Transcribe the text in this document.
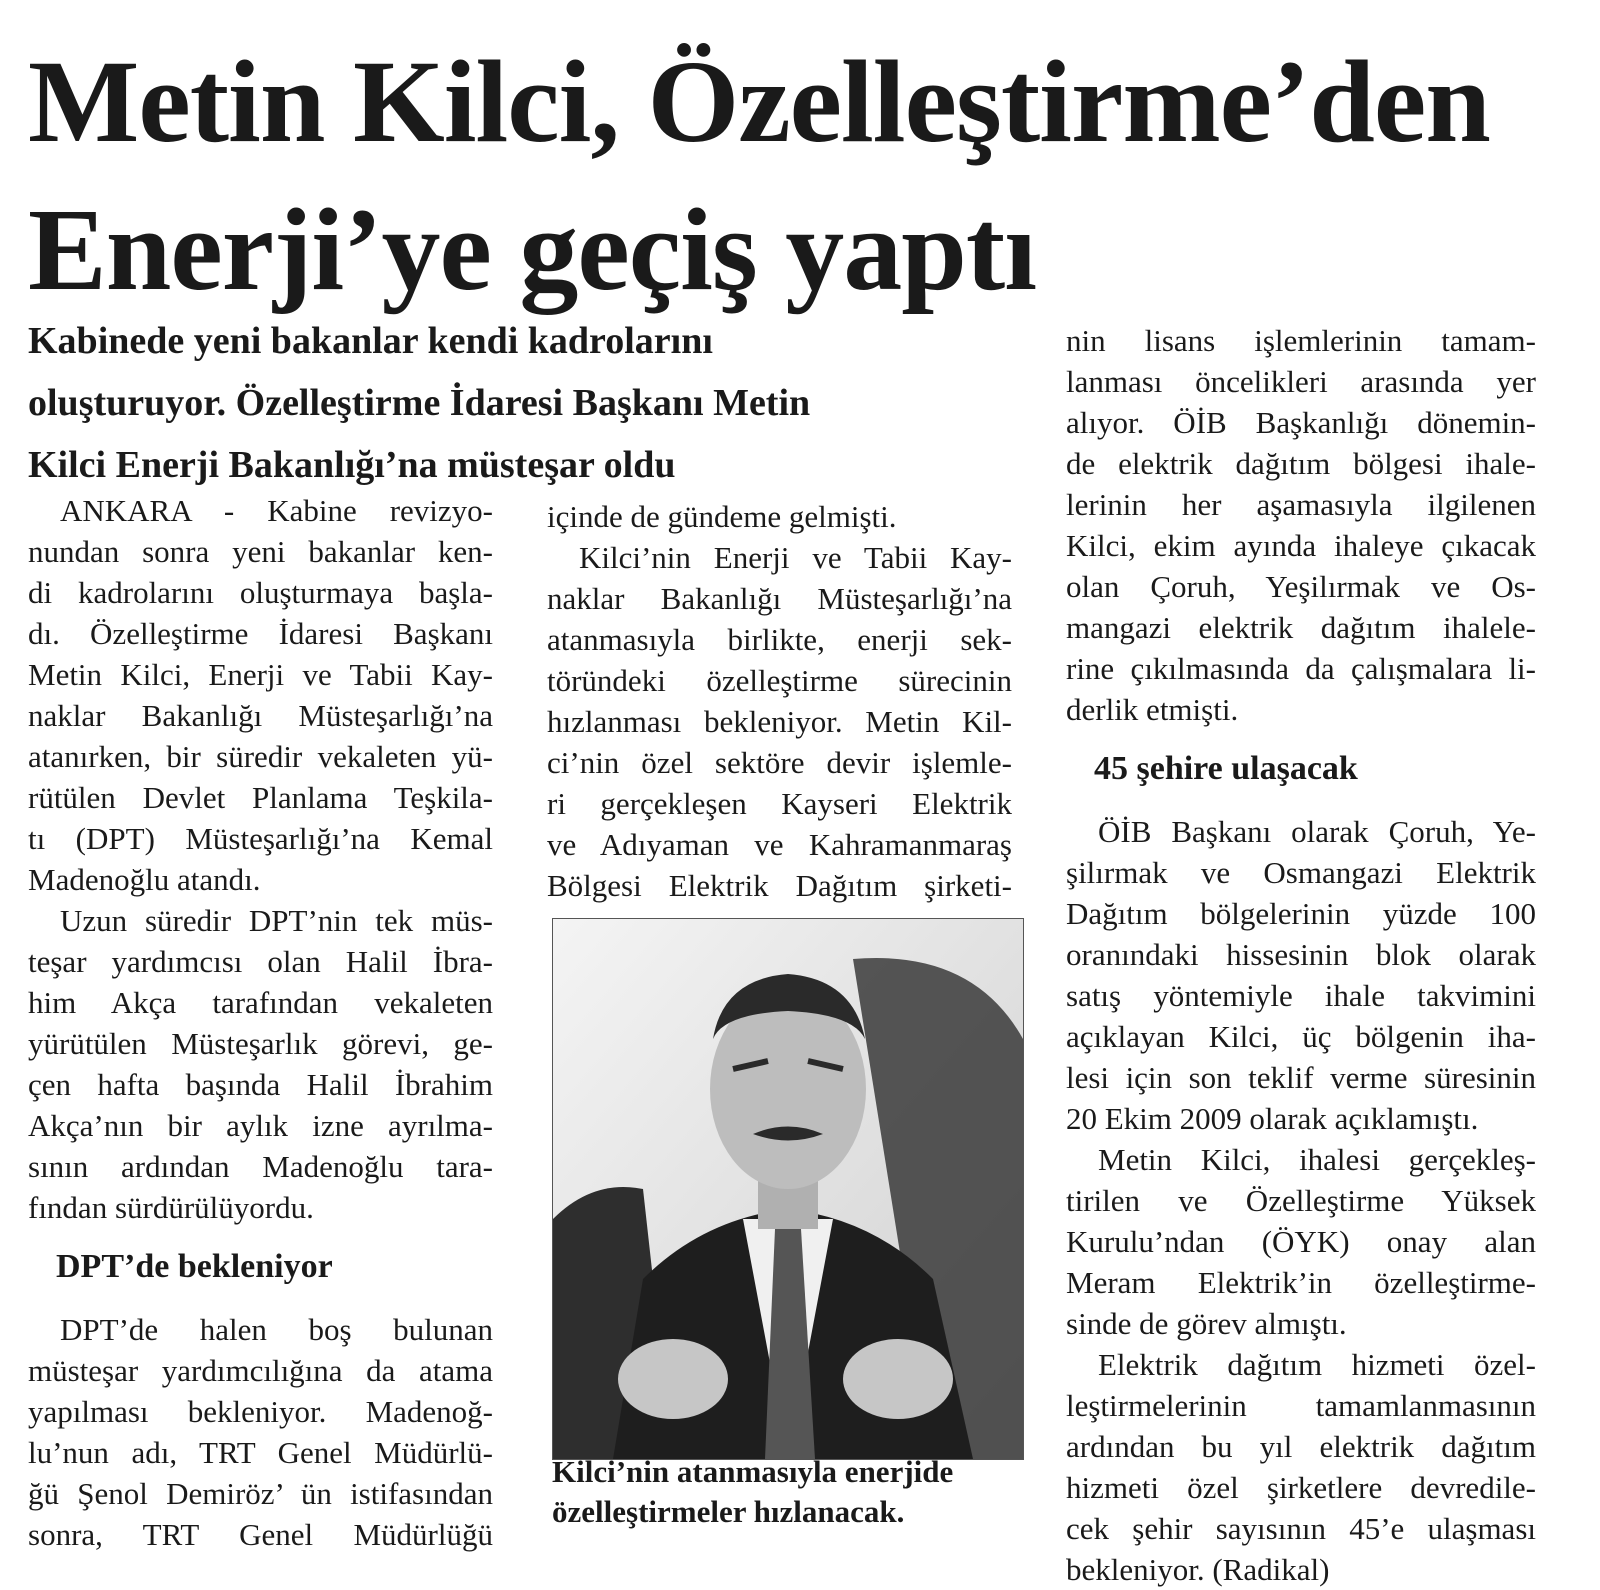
Metin Kilci, Özelleştirme’den
Enerji’ye geçiş yaptı
Kabinede yeni bakanlar kendi kadrolarını
oluşturuyor. Özelleştirme İdaresi Başkanı Metin
Kilci Enerji Bakanlığı’na müsteşar oldu
ANKARA - Kabine revizyo-
nundan sonra yeni bakanlar ken-
di kadrolarını oluşturmaya başla-
dı. Özelleştirme İdaresi Başkanı
Metin Kilci, Enerji ve Tabii Kay-
naklar Bakanlığı Müsteşarlığı’na
atanırken, bir süredir vekaleten yü-
rütülen Devlet Planlama Teşkila-
tı (DPT) Müsteşarlığı’na Kemal
Madenoğlu atandı.
Uzun süredir DPT’nin tek müs-
teşar yardımcısı olan Halil İbra-
him Akça tarafından vekaleten
yürütülen Müsteşarlık görevi, ge-
çen hafta başında Halil İbrahim
Akça’nın bir aylık izne ayrılma-
sının ardından Madenoğlu tara-
fından sürdürülüyordu.
DPT’de bekleniyor
DPT’de halen boş bulunan
müsteşar yardımcılığına da atama
yapılması bekleniyor. Madenoğ-
lu’nun adı, TRT Genel Müdürlü-
ğü Şenol Demiröz’ ün istifasından
sonra, TRT Genel Müdürlüğü
içinde de gündeme gelmişti.
Kilci’nin Enerji ve Tabii Kay-
naklar Bakanlığı Müsteşarlığı’na
atanmasıyla birlikte, enerji sek-
töründeki özelleştirme sürecinin
hızlanması bekleniyor. Metin Kil-
ci’nin özel sektöre devir işlemle-
ri gerçekleşen Kayseri Elektrik
ve Adıyaman ve Kahramanmaraş
Bölgesi Elektrik Dağıtım şirketi-
Kilci’nin atanmasıyla enerjide
özelleştirmeler hızlanacak.
nin lisans işlemlerinin tamam-
lanması öncelikleri arasında yer
alıyor. ÖİB Başkanlığı dönemin-
de elektrik dağıtım bölgesi ihale-
lerinin her aşamasıyla ilgilenen
Kilci, ekim ayında ihaleye çıkacak
olan Çoruh, Yeşilırmak ve Os-
mangazi elektrik dağıtım ihalele-
rine çıkılmasında da çalışmalara li-
derlik etmişti.
45 şehire ulaşacak
ÖİB Başkanı olarak Çoruh, Ye-
şilırmak ve Osmangazi Elektrik
Dağıtım bölgelerinin yüzde 100
oranındaki hissesinin blok olarak
satış yöntemiyle ihale takvimini
açıklayan Kilci, üç bölgenin iha-
lesi için son teklif verme süresinin
20 Ekim 2009 olarak açıklamıştı.
Metin Kilci, ihalesi gerçekleş-
tirilen ve Özelleştirme Yüksek
Kurulu’ndan (ÖYK) onay alan
Meram Elektrik’in özelleştirme-
sinde de görev almıştı.
Elektrik dağıtım hizmeti özel-
leştirmelerinin tamamlanmasının
ardından bu yıl elektrik dağıtım
hizmeti özel şirketlere devredile-
cek şehir sayısının 45’e ulaşması
bekleniyor. (Radikal)
